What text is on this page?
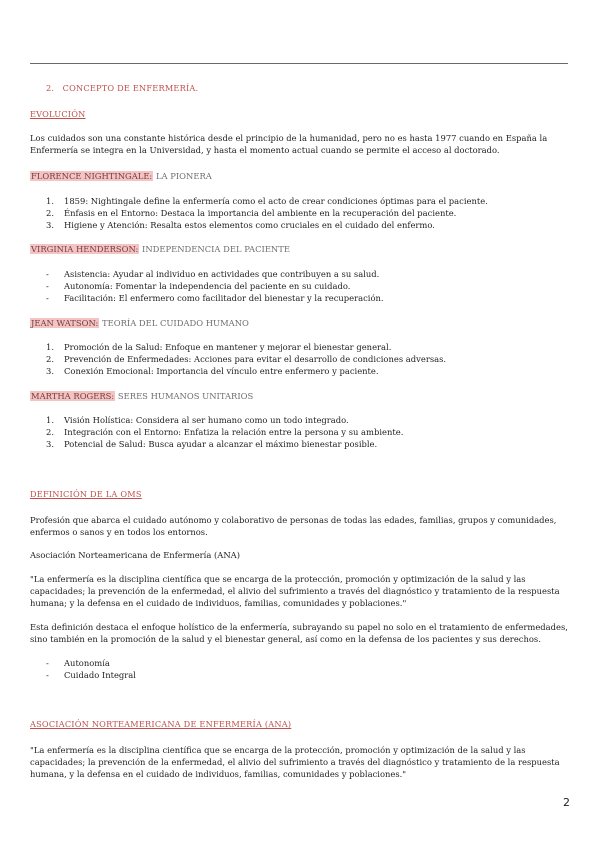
2. CONCEPTO DE ENFERMERÍA.
EVOLUCIÓN
Los cuidados son una constante histórica desde el principio de la humanidad, pero no es hasta 1977 cuando en España la Enfermería se integra en la Universidad, y hasta el momento actual cuando se permite el acceso al doctorado.
FLORENCE NIGHTINGALE: LA PIONERA
1. 1859: Nightingale define la enfermería como el acto de crear condiciones óptimas para el paciente.
2. Énfasis en el Entorno: Destaca la importancia del ambiente en la recuperación del paciente.
3. Higiene y Atención: Resalta estos elementos como cruciales en el cuidado del enfermo.
VIRGINIA HENDERSON: INDEPENDENCIA DEL PACIENTE
- Asistencia: Ayudar al individuo en actividades que contribuyen a su salud.
- Autonomía: Fomentar la independencia del paciente en su cuidado.
- Facilitación: El enfermero como facilitador del bienestar y la recuperación.
JEAN WATSON: TEORÍA DEL CUIDADO HUMANO
1. Promoción de la Salud: Enfoque en mantener y mejorar el bienestar general.
2. Prevención de Enfermedades: Acciones para evitar el desarrollo de condiciones adversas.
3. Conexión Emocional: Importancia del vínculo entre enfermero y paciente.
MARTHA ROGERS: SERES HUMANOS UNITARIOS
1. Visión Holística: Considera al ser humano como un todo integrado.
2. Integración con el Entorno: Enfatiza la relación entre la persona y su ambiente.
3. Potencial de Salud: Busca ayudar a alcanzar el máximo bienestar posible.
DEFINICIÓN DE LA OMS
Profesión que abarca el cuidado autónomo y colaborativo de personas de todas las edades, familias, grupos y comunidades, enfermos o sanos y en todos los entornos.
Asociación Norteamericana de Enfermería (ANA)
"La enfermería es la disciplina científica que se encarga de la protección, promoción y optimización de la salud y las capacidades; la prevención de la enfermedad, el alivio del sufrimiento a través del diagnóstico y tratamiento de la respuesta humana; y la defensa en el cuidado de individuos, familias, comunidades y poblaciones."
Esta definición destaca el enfoque holístico de la enfermería, subrayando su papel no solo en el tratamiento de enfermedades, sino también en la promoción de la salud y el bienestar general, así como en la defensa de los pacientes y sus derechos.
- Autonomía
- Cuidado Integral
ASOCIACIÓN NORTEAMERICANA DE ENFERMERÍA (ANA)
"La enfermería es la disciplina científica que se encarga de la protección, promoción y optimización de la salud y las capacidades; la prevención de la enfermedad, el alivio del sufrimiento a través del diagnóstico y tratamiento de la respuesta humana, y la defensa en el cuidado de individuos, familias, comunidades y poblaciones."
2
